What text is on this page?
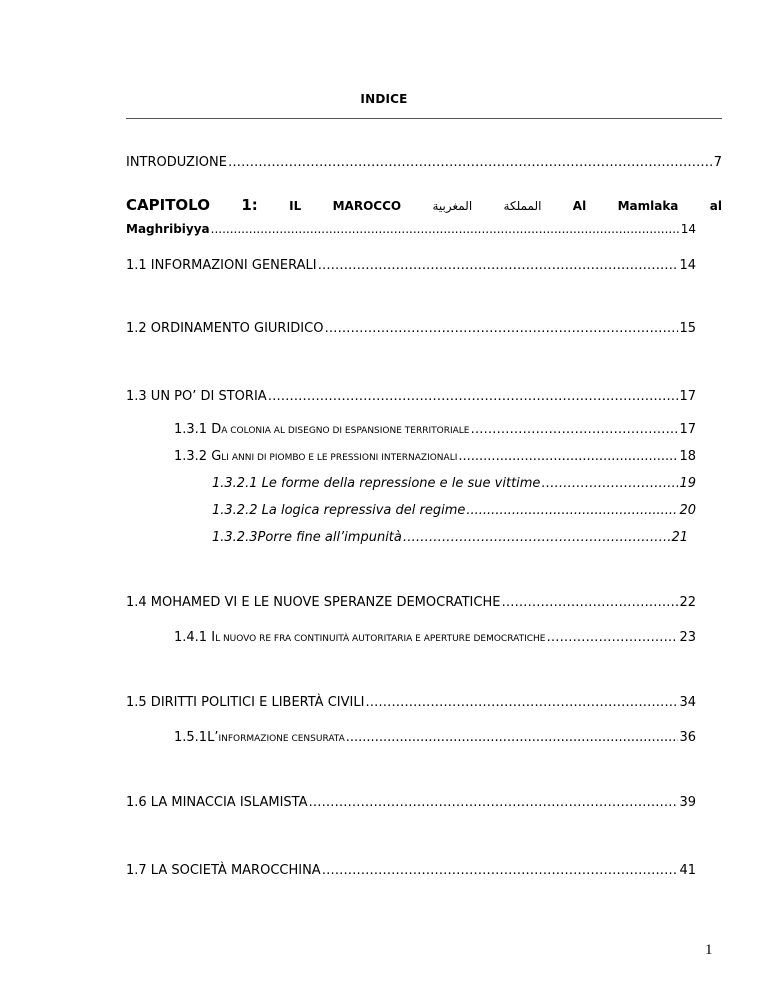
INDICE
INTRODUZIONE ……………………………………………………………………………………………………………………………………………………………………	7
CAPITOLO 1:	IL	MAROCCO	المغربية	المملكة	Al	Mamlaka	al
Maghribiyya .....	14
1.1 INFORMAZIONI GENERALI ……………………………………………………………………………………………………………………………………………………………………	14
1.2 ORDINAMENTO GIURIDICO ……………………………………………………………………………………………………………………………………………………………………	15
1.3 UN PO’ DI STORIA ……………………………………………………………………………………………………………………………………………………………………	17
1.3.1
D A COLONIA AL DISEGNO DI ESPANSIONE TERRITORIALE ……………………………………………………………………………………………………………………………………………………………………	17
1.3.2
G LI ANNI DI PIOMBO E LE PRESSIONI INTERNAZIONALI .....	18
1.3.2.1 Le forme della repressione e le sue vittime ……………………………………………………………………………………………………………………………………………………………………	19
1.3.2.2 La logica repressiva del regime .....	20
1.3.2.3Porre fine all’impunità ……………………………………………………………………………………………………………………………………………………………………	21
1.4 MOHAMED VI E LE NUOVE SPERANZE DEMOCRATICHE ……………………………………………………………………………………………………………………………………………………………………	22
1.4.1
I L NUOVO RE FRA CONTINUITÀ AUTORITARIA E APERTURE DEMOCRATICHE ……………………………………………………………………………………………………………………………………………………………………	23
1.5 DIRITTI POLITICI E LIBERTÀ CIVILI ……………………………………………………………………………………………………………………………………………………………………	34
1.5.1L’ INFORMAZIONE CENSURATA .....	36
1.6 LA MINACCIA ISLAMISTA ……………………………………………………………………………………………………………………………………………………………………	39
1.7 LA SOCIETÀ MAROCCHINA ……………………………………………………………………………………………………………………………………………………………………	41
1
